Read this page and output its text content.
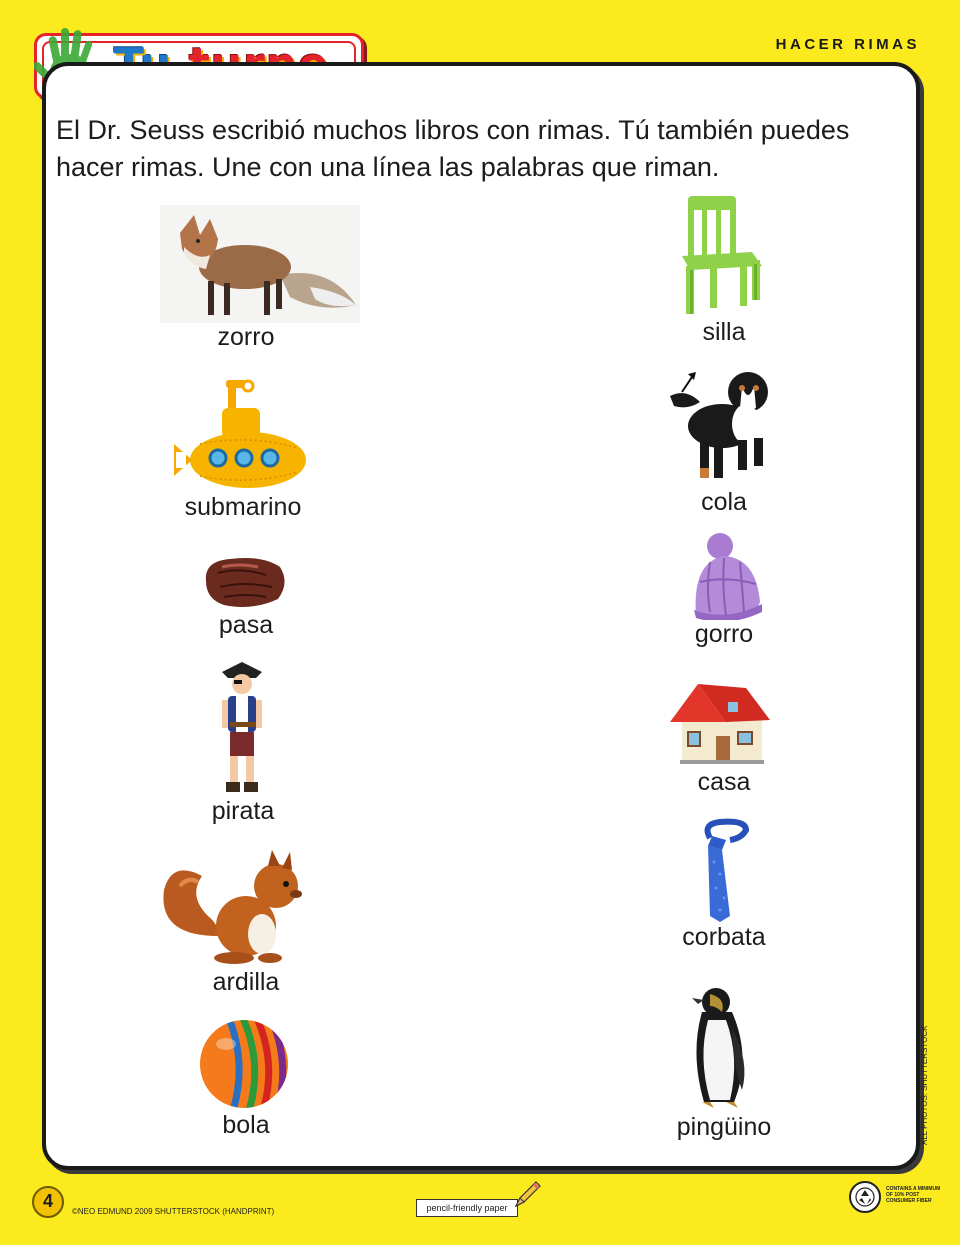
HACER RIMAS
El Dr. Seuss escribió muchos libros con rimas. Tú también puedes hacer rimas. Une con una línea las palabras que riman.
zorro
submarino
pasa
pirata
ardilla
bola
silla
cola
gorro
casa
corbata
pingüino
4
©NEO EDMUND 2009 SHUTTERSTOCK (HANDPRINT)	pencil-friendly paper
ALL PHOTOS: SHUTTERSTOCK
CONTAINS A MINIMUM OF 10% POST CONSUMER FIBER
